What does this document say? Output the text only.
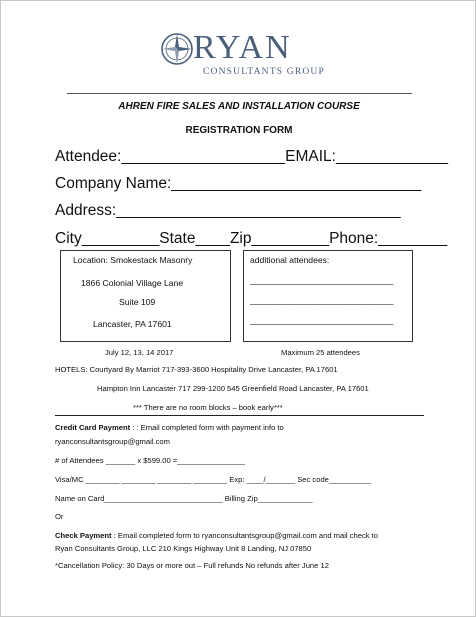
RYAN
CONSULTANTS GROUP
AHREN FIRE SALES AND INSTALLATION COURSE
REGISTRATION FORM
Attendee:___________________EMAIL:_____________
Company Name:_____________________________
Address:_________________________________
City_________State____Zip_________Phone:________
Location: Smokestack Masonry
1866 Colonial Village Lane
Suite 109
Lancaster, PA 17601
additional attendees:
______________________________
______________________________
______________________________
July 12, 13, 14 2017	Maximum 25 attendees
HOTELS: Courtyard By Marriot 717-393-3600 Hospitality Drive Lancaster, PA 17601
Hampton Inn Lancaster 717 299-1200 545 Greenfield Road Lancaster, PA 17601
*** There are no room blocks – book early***
Credit Card Payment : : Email completed form with payment info to
ryanconsultantsgroup@gmail.com
# of Attendees _______ x $599.00 =________________
Visa/MC ________ ________ ________ ________ Exp: ____/_______ Sec code__________
Name on Card____________________________ Billing Zip_____________
Or
Check Payment : Email completed form to ryanconsultantsgroup@gmail.com and mail check to
Ryan Consultants Group, LLC 210 Kings Highway Unit 8 Landing, NJ 07850
*Cancellation Policy: 30 Days or more out – Full refunds No refunds after June 12
